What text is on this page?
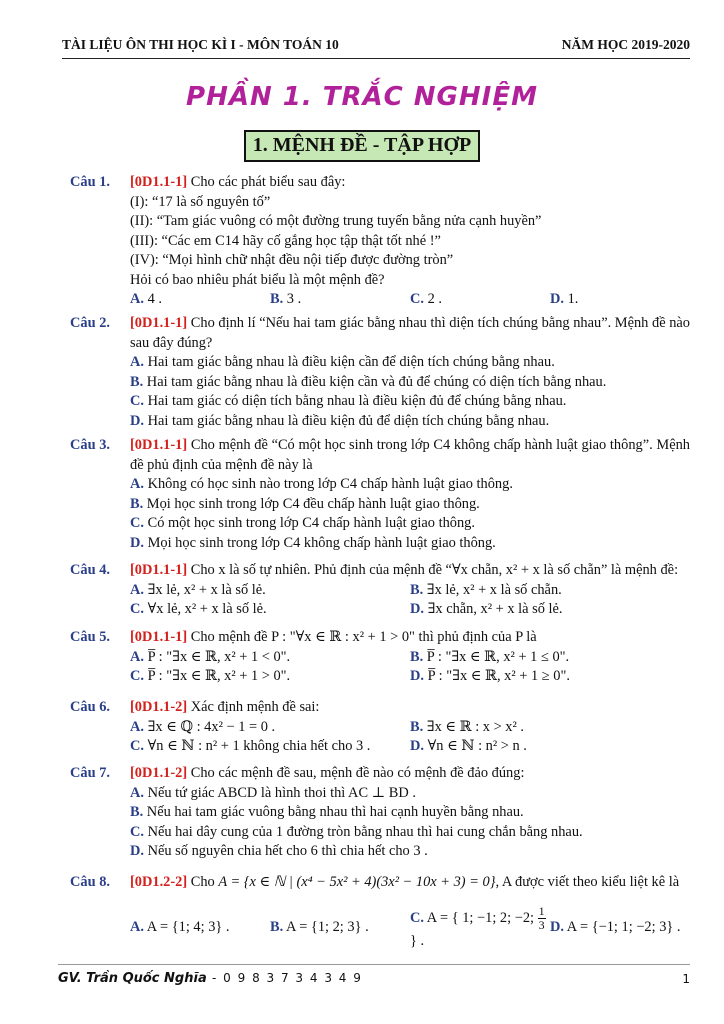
TÀI LIỆU ÔN THI HỌC KÌ I - MÔN TOÁN 10	NĂM HỌC 2019-2020
PHẦN 1. TRẮC NGHIỆM
1. MỆNH ĐỀ - TẬP HỢP
Câu 1. [0D1.1-1] Cho các phát biểu sau đây:
(I): “17 là số nguyên tố”
(II): “Tam giác vuông có một đường trung tuyến bằng nửa cạnh huyền”
(III): “Các em C14 hãy cố gắng học tập thật tốt nhé !”
(IV): “Mọi hình chữ nhật đều nội tiếp được đường tròn”
Hỏi có bao nhiêu phát biểu là một mệnh đề?
A. 4 .	B. 3 .	C. 2 .	D. 1.
Câu 2. [0D1.1-1] Cho định lí “Nếu hai tam giác bằng nhau thì diện tích chúng bằng nhau”. Mệnh đề nào sau đây đúng?
A. Hai tam giác bằng nhau là điều kiện cần để diện tích chúng bằng nhau.
B. Hai tam giác bằng nhau là điều kiện cần và đủ để chúng có diện tích bằng nhau.
C. Hai tam giác có diện tích bằng nhau là điều kiện đủ để chúng bằng nhau.
D. Hai tam giác bằng nhau là điều kiện đủ để diện tích chúng bằng nhau.
Câu 3. [0D1.1-1] Cho mệnh đề “Có một học sinh trong lớp C4 không chấp hành luật giao thông”. Mệnh đề phủ định của mệnh đề này là
A. Không có học sinh nào trong lớp C4 chấp hành luật giao thông.
B. Mọi học sinh trong lớp C4 đều chấp hành luật giao thông.
C. Có một học sinh trong lớp C4 chấp hành luật giao thông.
D. Mọi học sinh trong lớp C4 không chấp hành luật giao thông.
Câu 4. [0D1.1-1] Cho x là số tự nhiên. Phủ định của mệnh đề “∀x chẵn, x² + x là số chẵn” là mệnh đề:
A. ∃x lẻ, x² + x là số lẻ.	B. ∃x lẻ, x² + x là số chẵn.
C. ∀x lẻ, x² + x là số lẻ.	D. ∃x chẵn, x² + x là số lẻ.
Câu 5. [0D1.1-1] Cho mệnh đề P : "∀x ∈ ℝ : x² + 1 > 0" thì phủ định của P là
A. P̅ : "∃x ∈ ℝ, x² + 1 < 0".	B. P̅ : "∃x ∈ ℝ, x² + 1 ≤ 0".
C. P̅ : "∃x ∈ ℝ, x² + 1 > 0".	D. P̅ : "∃x ∈ ℝ, x² + 1 ≥ 0".
Câu 6. [0D1.1-2] Xác định mệnh đề sai:
A. ∃x ∈ ℚ : 4x² − 1 = 0 .	B. ∃x ∈ ℝ : x > x² .
C. ∀n ∈ ℕ : n² + 1 không chia hết cho 3 .	D. ∀n ∈ ℕ : n² > n .
Câu 7. [0D1.1-2] Cho các mệnh đề sau, mệnh đề nào có mệnh đề đảo đúng:
A. Nếu tứ giác ABCD là hình thoi thì AC ⊥ BD .
B. Nếu hai tam giác vuông bằng nhau thì hai cạnh huyền bằng nhau.
C. Nếu hai dây cung của 1 đường tròn bằng nhau thì hai cung chắn bằng nhau.
D. Nếu số nguyên chia hết cho 6 thì chia hết cho 3 .
Câu 8. [0D1.2-2] Cho A = {x ∈ ℕ | (x⁴ − 5x² + 4)(3x² − 10x + 3) = 0}, A được viết theo kiểu liệt kê là
A. A = {1; 4; 3} .	B. A = {1; 2; 3} .
C. A = { 1; −1; 2; −2; $\frac{1}{3}$
} .
D. A = {−1; 1; −2; 3} .
GV. Trần Quốc Nghĩa - 0 9 8 3 7 3 4 3 4 9	1
